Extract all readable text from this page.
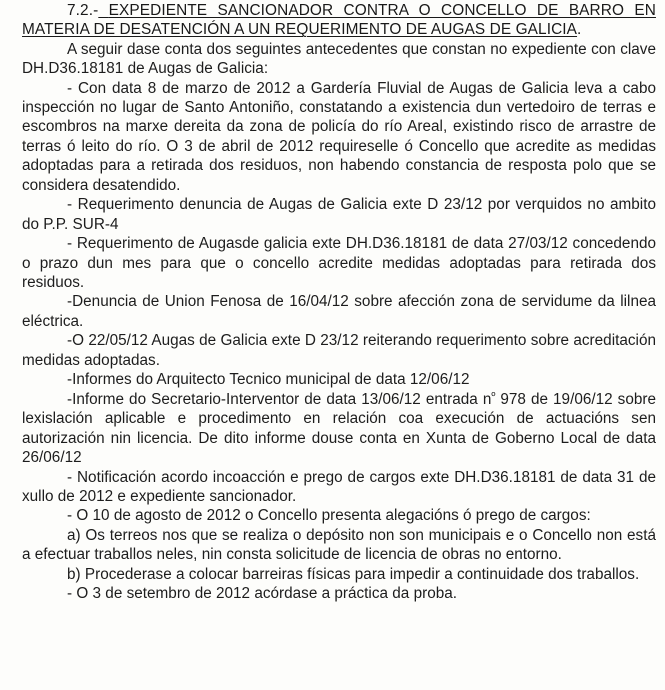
7.2.- EXPEDIENTE SANCIONADOR CONTRA O CONCELLO DE BARRO EN MATERIA DE DESATENCIÓN A UN REQUERIMENTO DE AUGAS DE GALICIA.

A seguir dase conta dos seguintes antecedentes que constan no expediente con clave DH.D36.18181 de Augas de Galicia:

- Con data 8 de marzo de 2012 a Gardería Fluvial de Augas de Galicia leva a cabo inspección no lugar de Santo Antoniño, constatando a existencia dun vertedoiro de terras e escombros na marxe dereita da zona de policía do río Areal, existindo risco de arrastre de terras ó leito do río. O 3 de abril de 2012 requireselle ó Concello que acredite as medidas adoptadas para a retirada dos residuos, non habendo constancia de resposta polo que se considera desatendido.

- Requerimento denuncia de Augas de Galicia exte D 23/12 por verquidos no ambito do P.P. SUR-4

- Requerimento de Augasde galicia exte DH.D36.18181 de data 27/03/12 concedendo o prazo dun mes para que o concello acredite medidas adoptadas para retirada dos residuos.

-Denuncia de Union Fenosa de 16/04/12 sobre afección zona de servidume da lilnea eléctrica.

-O 22/05/12 Augas de Galicia exte D 23/12 reiterando requerimento sobre acreditación medidas adoptadas.

-Informes do Arquitecto Tecnico municipal de data 12/06/12

-Informe do Secretario-Interventor de data 13/06/12 entrada $n^º$ 978 de 19/06/12 sobre lexislación aplicable e procedimento en relación coa execución de actuacións sen autorización nin licencia. De dito informe douse conta en Xunta de Goberno Local de data 26/06/12

- Notificación acordo incoacción e prego de cargos exte DH.D36.18181 de data 31 de xullo de 2012 e expediente sancionador.

- O 10 de agosto de 2012 o Concello presenta alegacións ó prego de cargos:

a) Os terreos nos que se realiza o depósito non son municipais e o Concello non está a efectuar traballos neles, nin consta solicitude de licencia de obras no entorno.

b) Procederase a colocar barreiras físicas para impedir a continuidade dos traballos.

- O 3 de setembro de 2012 acórdase a práctica da proba.
